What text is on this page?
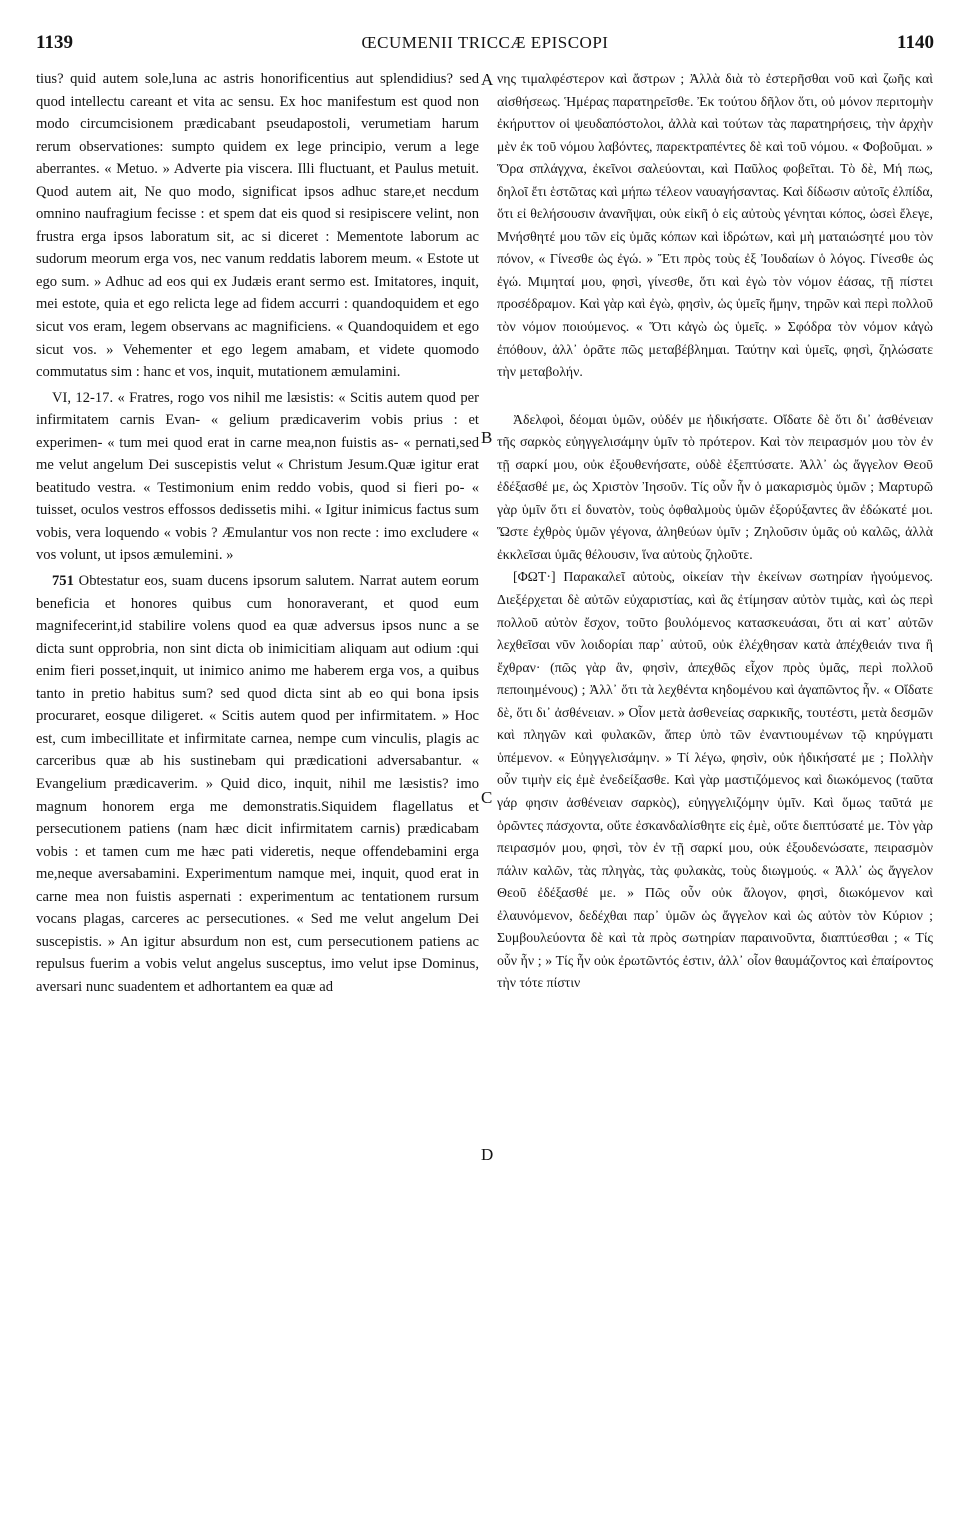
1139	ŒCUMENII TRICCÆ EPISCOPI	1140

tius? quid autem sole,luna ac astris honorificentius aut splendidius? sed quod intellectu careant et vita ac sensu. Ex hoc manifestum est quod non modo circumcisionem prædicabant pseudapostoli, verumetiam harum rerum observationes: sumpto quidem ex lege principio, verum a lege aberrantes. « Metuo. » Adverte pia viscera. Illi fluctuant, et Paulus metuit. Quod autem ait, Ne quo modo, significat ipsos adhuc stare,et necdum omnino naufragium fecisse : et spem dat eis quod si resipiscere velint, non frustra erga ipsos laboratum sit, ac si diceret : Mementote laborum ac sudorum meorum erga vos, nec vanum reddatis laborem meum. « Estote ut ego sum. » Adhuc ad eos qui ex Judæis erant sermo est. Imitatores, inquit, mei estote, quia et ego relicta lege ad fidem accurri : quandoquidem et ego sicut vos eram, legem observans ac magnificiens. « Quandoquidem et ego sicut vos. » Vehementer et ego legem amabam, et videte quomodo commutatus sim : hanc et vos, inquit, mutationem æmulamini.

VI, 12-17. « Fratres, rogo vos nihil me læsistis: « Scitis autem quod per infirmitatem carnis Evan- « gelium prædicaverim vobis prius : et experimen- « tum mei quod erat in carne mea,non fuistis as- « pernati,sed me velut angelum Dei suscepistis velut « Christum Jesum.Quæ igitur erat beatitudo vestra. « Testimonium enim reddo vobis, quod si fieri po- « tuisset, oculos vestros effossos dedissetis mihi. « Igitur inimicus factus sum vobis, vera loquendo « vobis ? Æmulantur vos non recte : imo excludere « vos volunt, ut ipsos æmulemini. »

751 Obtestatur eos, suam ducens ipsorum salutem. Narrat autem eorum beneficia et honores quibus cum honoraverant, et quod eum magnifecerint,id stabilire volens quod ea quæ adversus ipsos nunc a se dicta sunt opprobria, non sint dicta ob inimicitiam aliquam aut odium :qui enim fieri posset,inquit, ut inimico animo me haberem erga vos, a quibus tanto in pretio habitus sum? sed quod dicta sint ab eo qui bona ipsis procuraret, eosque diligeret. « Scitis autem quod per infirmitatem. » Hoc est, cum imbecillitate et infirmitate carnea, nempe cum vinculis, plagis ac carceribus quæ ab his sustinebam qui prædicationi adversabantur. « Evangelium prædicaverim. » Quid dico, inquit, nihil me læsistis? imo magnum honorem erga me demonstratis.Siquidem flagellatus et persecutionem patiens (nam hæc dicit infirmitatem carnis) prædicabam vobis : et tamen cum me hæc pati videretis, neque offendebamini erga me,neque aversabamini. Experimentum namque mei, inquit, quod erat in carne mea non fuistis aspernati : experimentum ac tentationem rursum vocans plagas, carceres ac persecutiones. « Sed me velut angelum Dei suscepistis. » An igitur absurdum non est, cum persecutionem patiens ac repulsus fuerim a vobis velut angelus susceptus, imo velut ipse Dominus, aversari nunc suadentem et adhortantem ea quæ ad

νης τιμαλφέστερον καὶ ἄστρων ; Ἀλλὰ διὰ τὸ ἐστερῆσθαι νοῦ καὶ ζωῆς καὶ αἰσθήσεως. Ἡμέρας παρατηρεῖσθε. Ἐκ τούτου δῆλον ὅτι, οὐ μόνον περιτομὴν ἐκήρυττον οἱ ψευδαπόστολοι, ἀλλὰ καὶ τούτων τὰς παρατηρήσεις, τὴν ἀρχὴν μὲν ἐκ τοῦ νόμου λαβόντες, παρεκτραπέντες δὲ καὶ τοῦ νόμου. « Φοβοῦμαι. » Ὅρα σπλάγχνα, ἐκεῖνοι σαλεύονται, καὶ Παῦλος φοβεῖται. Τὸ δὲ, Μή πως, δηλοῖ ἔτι ἑστῶτας καὶ μήπω τέλεον ναυαγήσαντας. Καὶ δίδωσιν αὐτοῖς ἐλπίδα, ὅτι εἰ θελήσουσιν ἀνανῆψαι, οὐκ εἰκῆ ὁ εἰς αὐτοὺς γένηται κόπος, ὡσεὶ ἔλεγε, Μνήσθητέ μου τῶν εἰς ὑμᾶς κόπων καὶ ἱδρώτων, καὶ μὴ ματαιώσητέ μου τὸν πόνον, « Γίνεσθε ὡς ἐγώ. » Ἔτι πρὸς τοὺς ἐξ Ἰουδαίων ὁ λόγος. Γίνεσθε ὡς ἐγώ. Μιμηταί μου, φησὶ, γίνεσθε, ὅτι καὶ ἐγὼ τὸν νόμον ἐάσας, τῇ πίστει προσέδραμον. Καὶ γὰρ καὶ ἐγὼ, φησὶν, ὡς ὑμεῖς ἤμην, τηρῶν καὶ περὶ πολλοῦ τὸν νόμον ποιούμενος. « Ὅτι κἀγὼ ὡς ὑμεῖς. » Σφόδρα τὸν νόμον κἀγὼ ἐπόθουν, ἀλλ᾽ ὁρᾶτε πῶς μεταβέβλημαι. Ταύτην καὶ ὑμεῖς, φησὶ, ζηλώσατε τὴν μεταβολήν.

Ἀδελφοὶ, δέομαι ὑμῶν, οὐδέν με ἠδικήσατε. Οἴδατε δὲ ὅτι δι᾽ ἀσθένειαν τῆς σαρκὸς εὐηγγελισάμην ὑμῖν τὸ πρότερον. Καὶ τὸν πειρασμόν μου τὸν ἐν τῇ σαρκί μου, οὐκ ἐξουθενήσατε, οὐδὲ ἐξεπτύσατε. Ἀλλ᾽ ὡς ἄγγελον Θεοῦ ἐδέξασθέ με, ὡς Χριστὸν Ἰησοῦν. Τίς οὖν ἦν ὁ μακαρισμὸς ὑμῶν ; Μαρτυρῶ γὰρ ὑμῖν ὅτι εἰ δυνατὸν, τοὺς ὀφθαλμοὺς ὑμῶν ἐξορύξαντες ἂν ἐδώκατέ μοι. Ὥστε ἐχθρὸς ὑμῶν γέγονα, ἀληθεύων ὑμῖν ; Ζηλοῦσιν ὑμᾶς οὐ καλῶς, ἀλλὰ ἐκκλεῖσαι ὑμᾶς θέλουσιν, ἵνα αὐτοὺς ζηλοῦτε.

[ΦΩΤ·] Παρακαλεῖ αὐτοὺς, οἰκείαν τὴν ἐκείνων σωτηρίαν ἡγούμενος. Διεξέρχεται δὲ αὐτῶν εὐχαριστίας, καὶ ἃς ἐτίμησαν αὐτὸν τιμὰς, καὶ ὡς περὶ πολλοῦ αὐτὸν ἔσχον, τοῦτο βουλόμενος κατασκευάσαι, ὅτι αἱ κατ᾽ αὐτῶν λεχθεῖσαι νῦν λοιδορίαι παρ᾽ αὐτοῦ, οὐκ ἐλέχθησαν κατὰ ἀπέχθειάν τινα ἢ ἔχθραν· (πῶς γὰρ ἂν, φησὶν, ἀπεχθῶς εἶχον πρὸς ὑμᾶς, περὶ πολλοῦ πεποιημένους) ; Ἀλλ᾽ ὅτι τὰ λεχθέντα κηδομένου καὶ ἀγαπῶντος ἦν. « Οἴδατε δὲ, ὅτι δι᾽ ἀσθένειαν. » Οἷον μετὰ ἀσθενείας σαρκικῆς, τουτέστι, μετὰ δεσμῶν καὶ πληγῶν καὶ φυλακῶν, ἅπερ ὑπὸ τῶν ἐναντιουμένων τῷ κηρύγματι ὑπέμενον. « Εὐηγγελισάμην. » Τί λέγω, φησὶν, οὐκ ἠδικήσατέ με ; Πολλὴν οὖν τιμὴν εἰς ἐμὲ ἐνεδείξασθε. Καὶ γὰρ μαστιζόμενος καὶ διωκόμενος (ταῦτα γάρ φησιν ἀσθένειαν σαρκὸς), εὐηγγελιζόμην ὑμῖν. Καὶ ὅμως ταῦτά με ὁρῶντες πάσχοντα, οὔτε ἐσκανδαλίσθητε εἰς ἐμὲ, οὔτε διεπτύσατέ με. Τὸν γὰρ πειρασμόν μου, φησὶ, τὸν ἐν τῇ σαρκί μου, οὐκ ἐξουδενώσατε, πειρασμὸν πάλιν καλῶν, τὰς πληγὰς, τὰς φυλακὰς, τοὺς διωγμούς. « Ἀλλ᾽ ὡς ἄγγελον Θεοῦ ἐδέξασθέ με. » Πῶς οὖν οὐκ ἄλογον, φησὶ, διωκόμενον καὶ ἐλαυνόμενον, δεδέχθαι παρ᾽ ὑμῶν ὡς ἄγγελον καὶ ὡς αὐτὸν τὸν Κύριον ; Συμβουλεύοντα δὲ καὶ τὰ πρὸς σωτηρίαν παραινοῦντα, διαπτύεσθαι ; « Τίς οὖν ἦν ; » Τίς ἦν οὐκ ἐρωτῶντός ἐστιν, ἀλλ᾽ οἷον θαυμάζοντος καὶ ἐπαίροντος τὴν τότε πίστιν

A
B
C
D
